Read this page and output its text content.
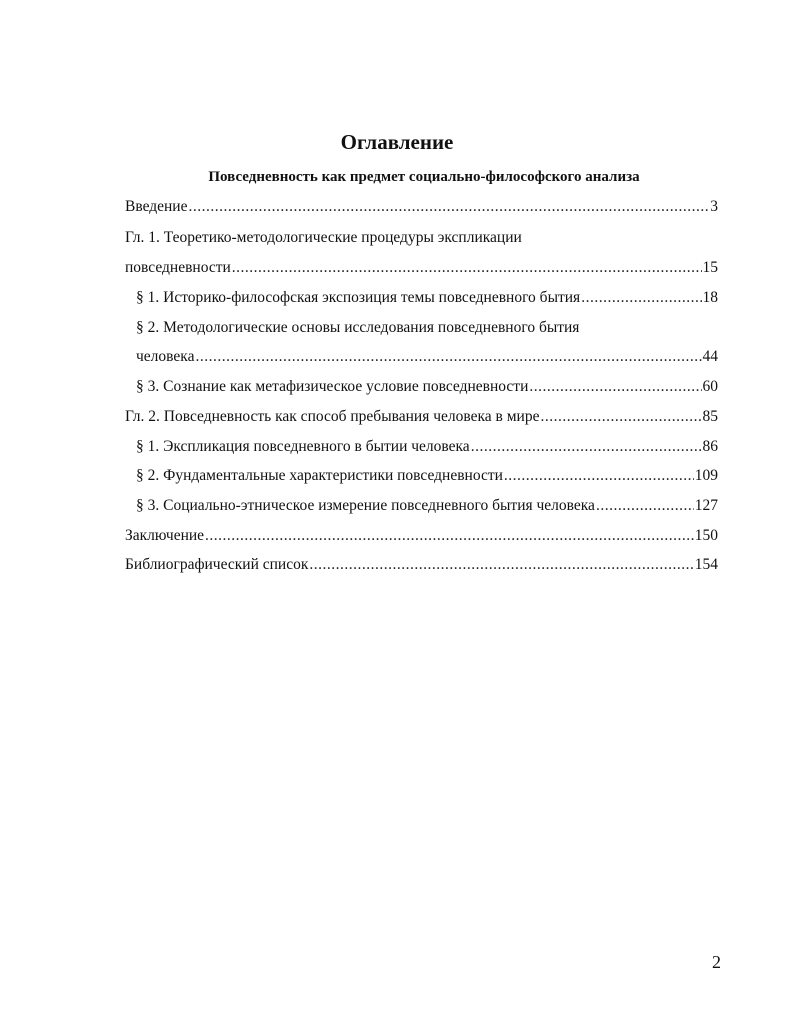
Оглавление
Повседневность как предмет социально-философского анализа
Введение .....	3
Гл. 1. Теоретико-методологические процедуры экспликации
повседневности .....	15
§ 1. Историко-философская экспозиция темы повседневного бытия .....	18
§ 2. Методологические основы исследования повседневного бытия
человека .....	44
§ 3. Сознание как метафизическое условие повседневности .....	60
Гл. 2. Повседневность как способ пребывания человека в мире .....	85
§ 1. Экспликация повседневного в бытии человека .....	86
§ 2. Фундаментальные характеристики повседневности .....	109
§ 3. Социально-этническое измерение повседневного бытия человека .....	127
Заключение .....	150
Библиографический список .....	154
2
